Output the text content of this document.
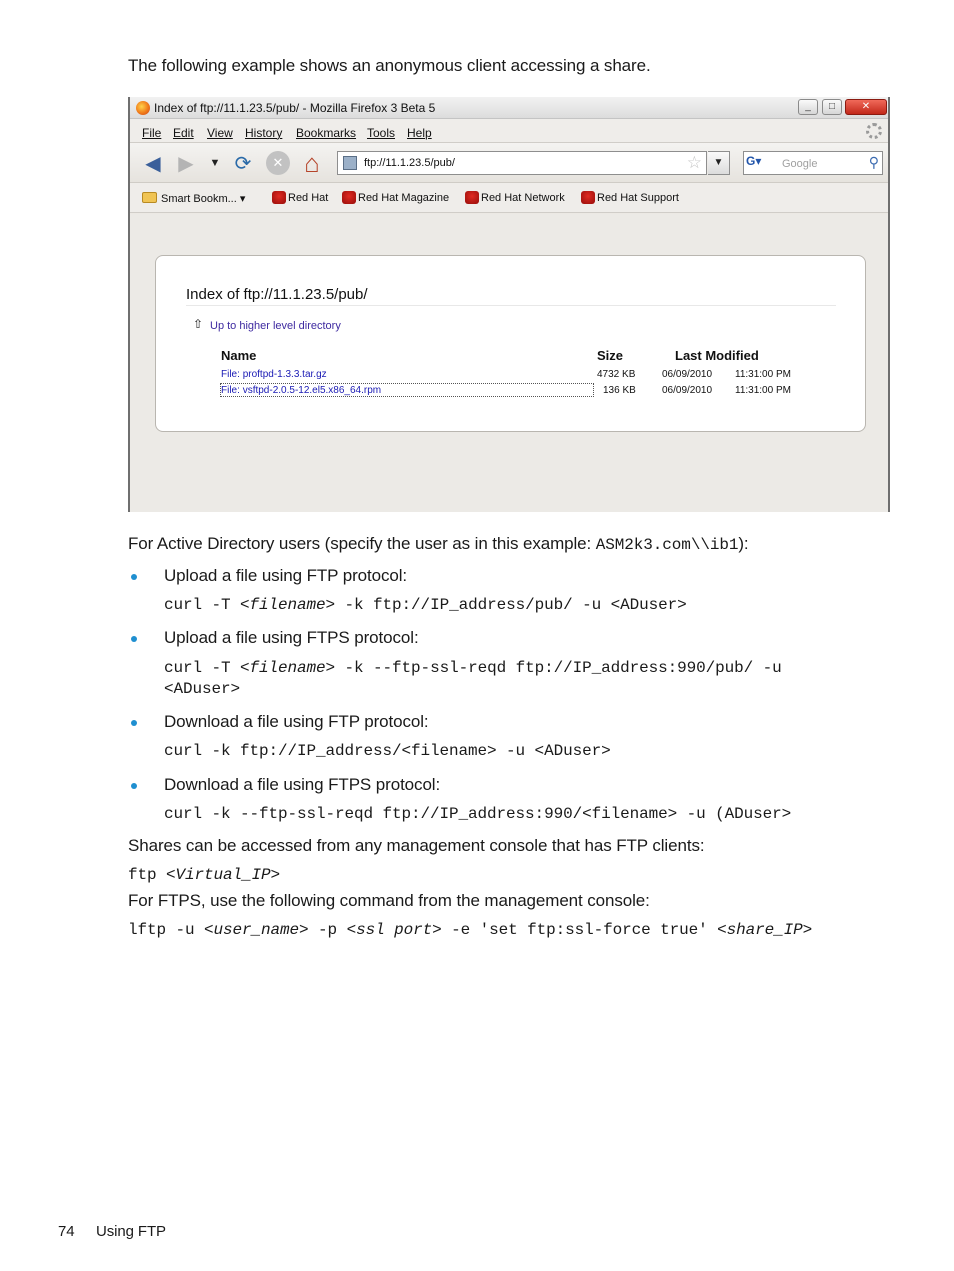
The following example shows an anonymous client accessing a share.
Index of ftp://11.1.23.5/pub/ - Mozilla Firefox 3 Beta 5	_	□	✕
File Edit View History Bookmarks Tools Help
◀ ▶	▼ ⟳	✕ ⌂	ftp://11.1.23.5/pub/	☆	▼	G▾	Google	⚲
Smart Bookm... ▾	Red Hat	Red Hat Magazine	Red Hat Network	Red Hat Support
Index of ftp://11.1.23.5/pub/
⇧ Up to higher level directory
Name	Size	Last Modified
File: proftpd-1.3.3.tar.gz	4732 KB	06/09/2010 11:31:00 PM
File: vsftpd-2.0.5-12.el5.x86_64.rpm	136 KB	06/09/2010 11:31:00 PM
For Active Directory users (specify the user as in this example: ASM2k3.com\\ib1):
Upload a file using FTP protocol:
curl -T <filename> -k ftp://IP_address/pub/ -u <ADuser>
Upload a file using FTPS protocol:
curl -T <filename> -k --ftp-ssl-reqd ftp://IP_address:990/pub/ -u
<ADuser>
Download a file using FTP protocol:
curl -k ftp://IP_address/<filename> -u <ADuser>
Download a file using FTPS protocol:
curl -k --ftp-ssl-reqd ftp://IP_address:990/<filename> -u (ADuser>
Shares can be accessed from any management console that has FTP clients:
ftp <Virtual_IP>
For FTPS, use the following command from the management console:
lftp -u <user_name> -p <ssl port> -e 'set ftp:ssl-force true' <share_IP>
74 Using FTP
